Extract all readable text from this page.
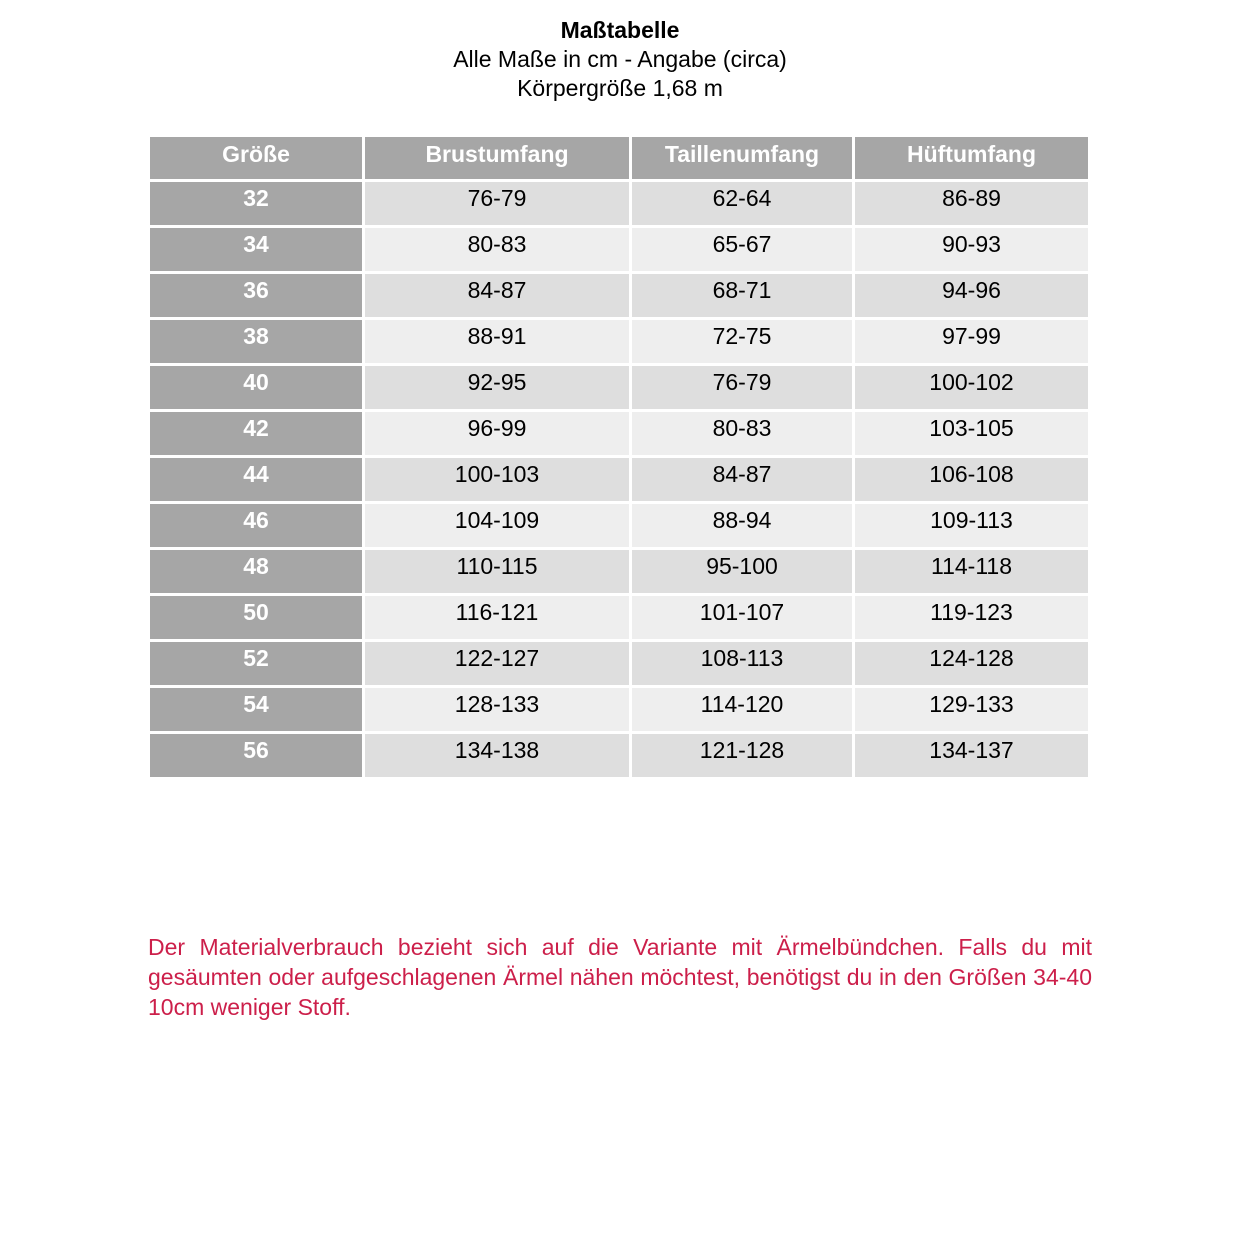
Maßtabelle
Alle Maße in cm - Angabe (circa)
Körpergröße 1,68 m
Größe	Brustumfang	Taillenumfang	Hüftumfang
32	76-79	62-64	86-89
34	80-83	65-67	90-93
36	84-87	68-71	94-96
38	88-91	72-75	97-99
40	92-95	76-79	100-102
42	96-99	80-83	103-105
44	100-103	84-87	106-108
46	104-109	88-94	109-113
48	110-115	95-100	114-118
50	116-121	101-107	119-123
52	122-127	108-113	124-128
54	128-133	114-120	129-133
56	134-138	121-128	134-137
Der Materialverbrauch bezieht sich auf die Variante mit Ärmelbündchen. Falls du mit gesäumten oder aufgeschlagenen Ärmel nähen möchtest, benötigst du in den Größen 34-40 10cm weniger Stoff.
